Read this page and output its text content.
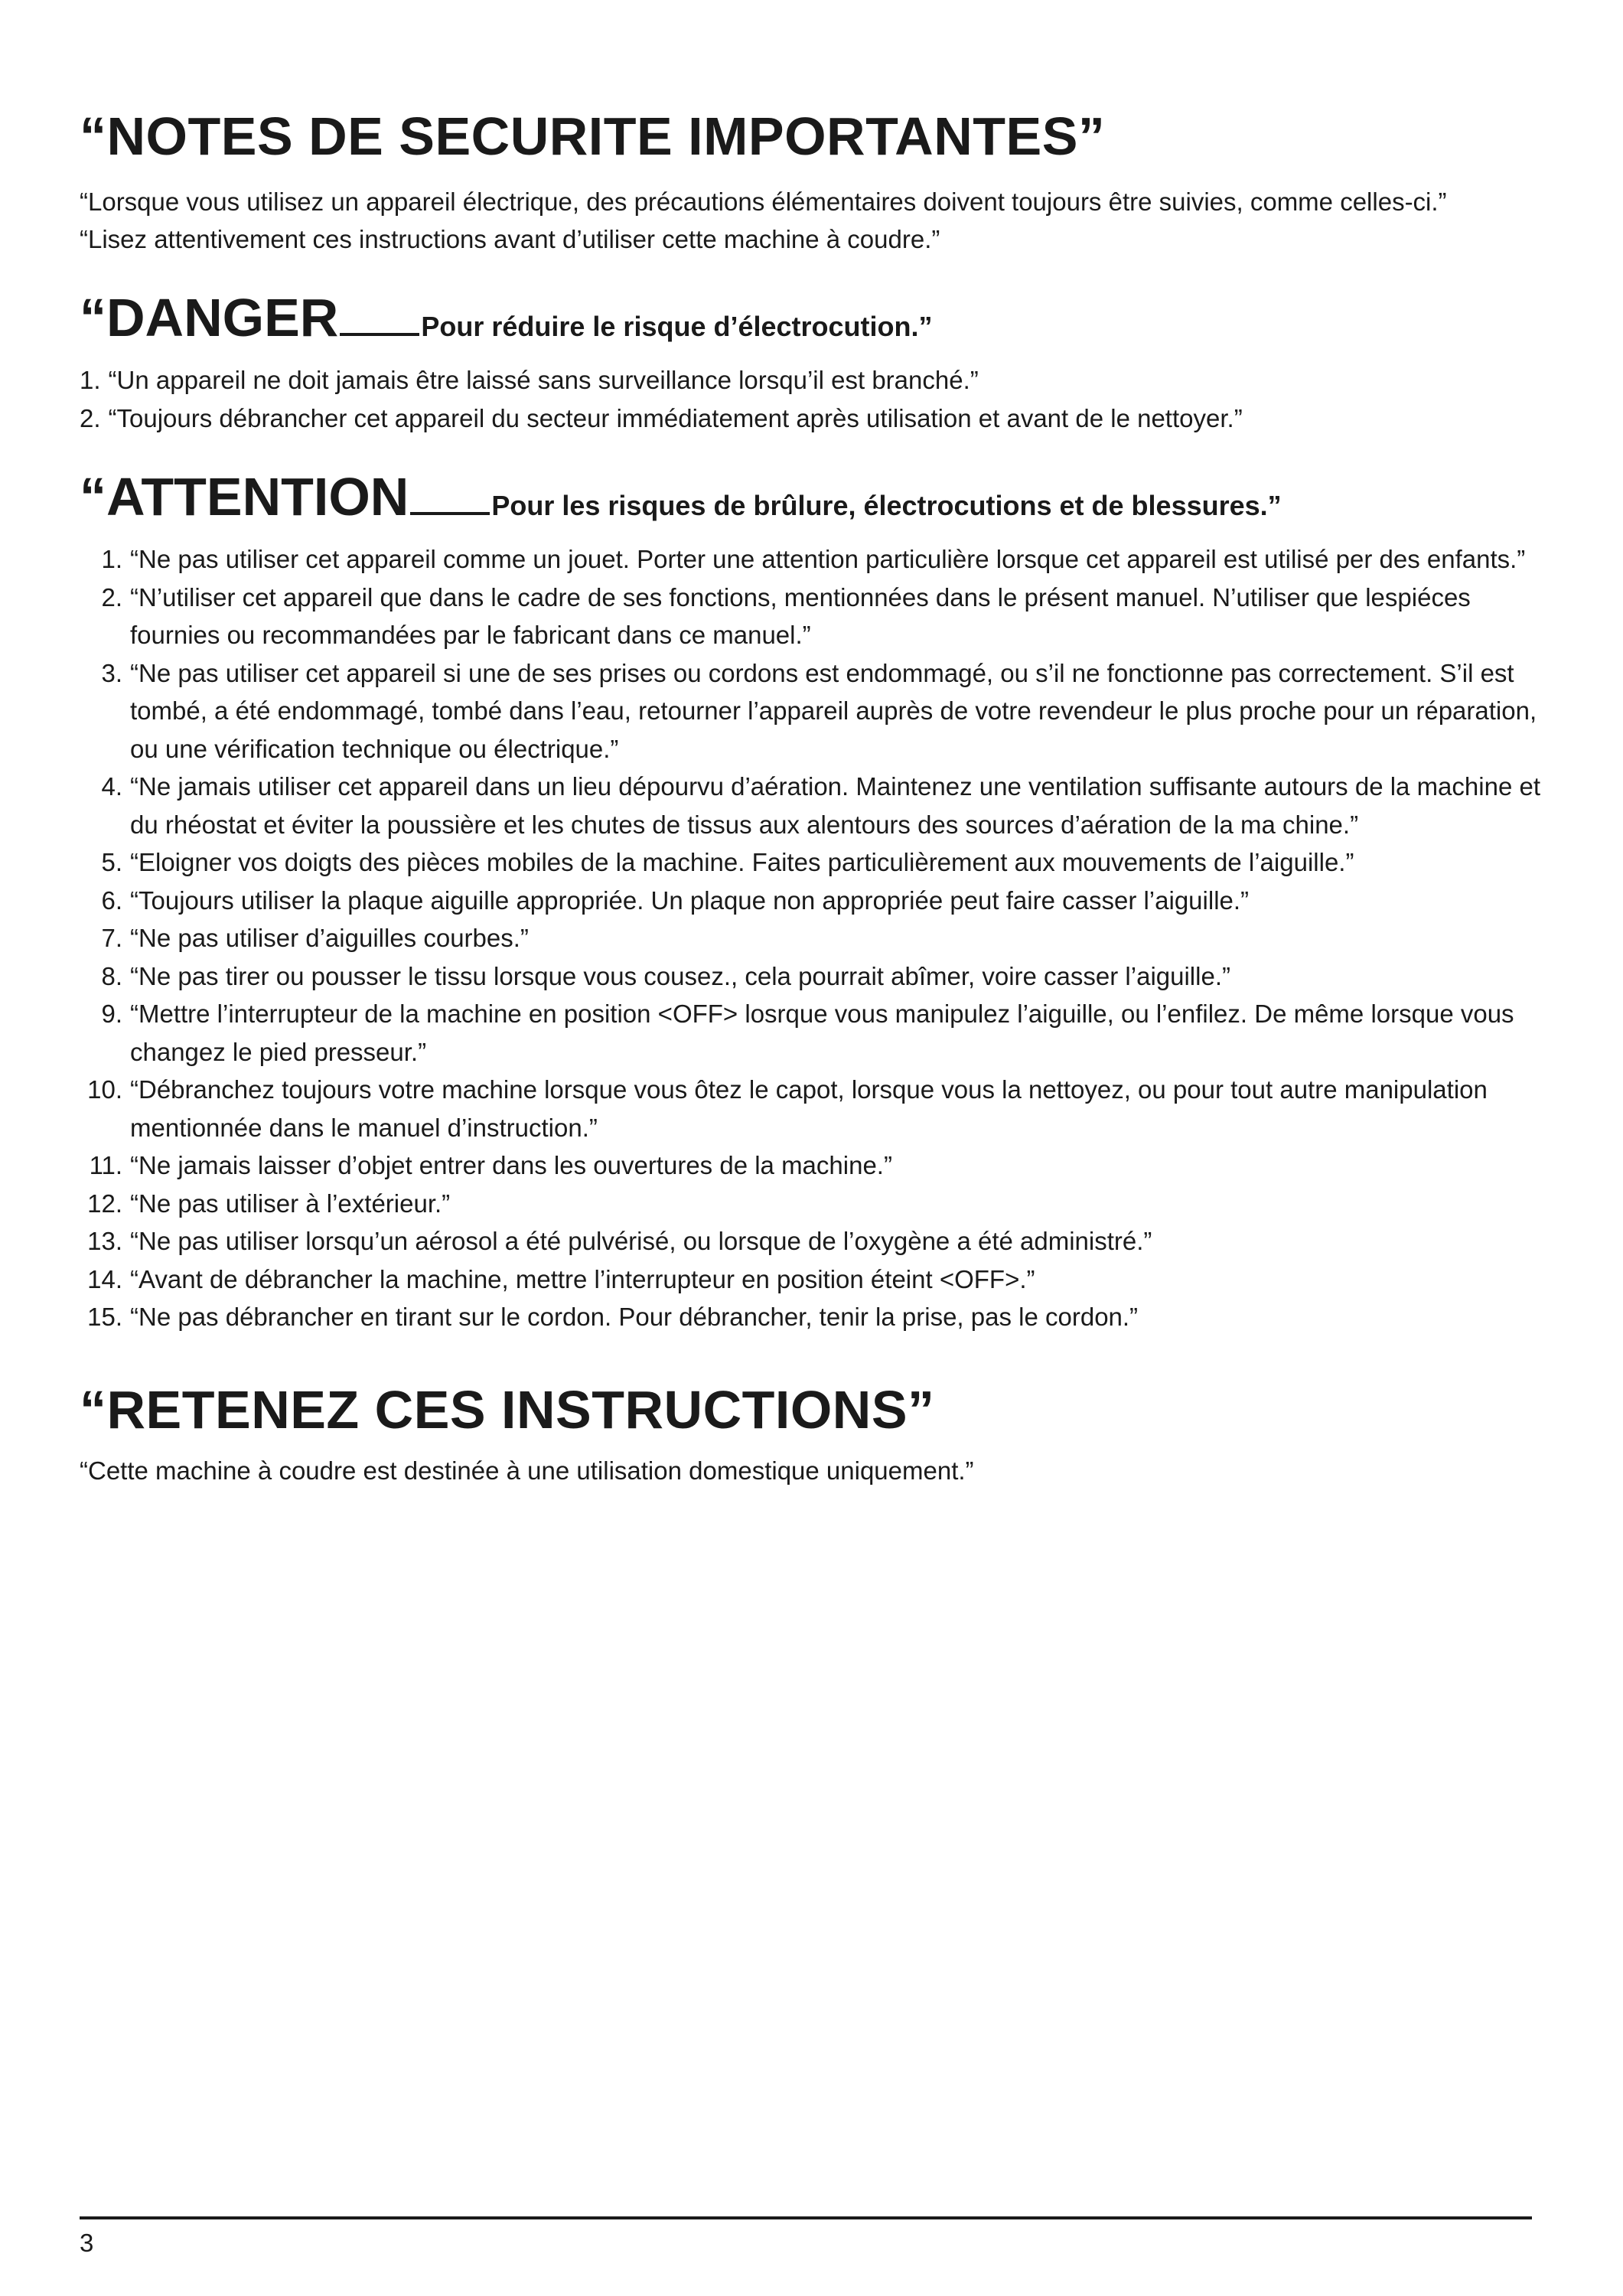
“NOTES DE SECURITE IMPORTANTES”

“Lorsque vous utilisez un appareil électrique, des précautions élémentaires doivent toujours être suivies, comme celles-ci.”

“Lisez attentivement ces instructions avant d’utiliser cette machine à coudre.”

“DANGER	Pour réduire le risque d’électrocution.”
1. “Un appareil ne doit jamais être laissé sans surveillance lorsqu’il est branché.”
2. “Toujours débrancher cet appareil du secteur immédiatement après utilisation et avant de le nettoyer.”
“ATTENTION	Pour les risques de brûlure, électrocutions et de blessures.”
1. “Ne pas utiliser cet appareil comme un jouet. Porter une attention particulière lorsque cet appareil est utilisé per des enfants.”
2. “N’utiliser cet appareil que dans le cadre de ses fonctions, mentionnées dans le présent manuel. N’utiliser que lespiéces fournies ou recommandées par le fabricant dans ce manuel.”
3. “Ne pas utiliser cet appareil si une de ses prises ou cordons est endommagé, ou s’il ne fonctionne pas correctement. S’il est tombé, a été endommagé, tombé dans l’eau, retourner l’appareil auprès de votre revendeur le plus proche pour un réparation, ou une vérification technique ou électrique.”
4. “Ne jamais utiliser cet appareil dans un lieu dépourvu d’aération. Maintenez une ventilation suffisante autours de la machine et du rhéostat et éviter la poussière et les chutes de tissus aux alentours des sources d’aération de la ma chine.”
5. “Eloigner vos doigts des pièces mobiles de la machine. Faites particulièrement aux mouvements de l’aiguille.”
6. “Toujours utiliser la plaque aiguille appropriée. Un plaque non appropriée peut faire casser l’aiguille.”
7. “Ne pas utiliser d’aiguilles courbes.”
8. “Ne pas tirer ou pousser le tissu lorsque vous cousez., cela pourrait abîmer, voire casser l’aiguille.”
9. “Mettre l’interrupteur de la machine en position <OFF> losrque vous manipulez l’aiguille, ou l’enfilez. De même lorsque vous changez le pied presseur.”
10. “Débranchez toujours votre machine lorsque vous ôtez le capot, lorsque vous la nettoyez, ou pour tout autre manipulation mentionnée dans le manuel d’instruction.”
11. “Ne jamais laisser d’objet entrer dans les ouvertures de la machine.”
12. “Ne pas utiliser à l’extérieur.”
13. “Ne pas utiliser lorsqu’un aérosol a été pulvérisé, ou lorsque de l’oxygène a été administré.”
14. “Avant de débrancher la machine, mettre l’interrupteur en position éteint <OFF>.”
15. “Ne pas débrancher en tirant sur le cordon. Pour débrancher, tenir la prise, pas le cordon.”
“RETENEZ CES INSTRUCTIONS”

“Cette machine à coudre est destinée à une utilisation domestique uniquement.”

3
